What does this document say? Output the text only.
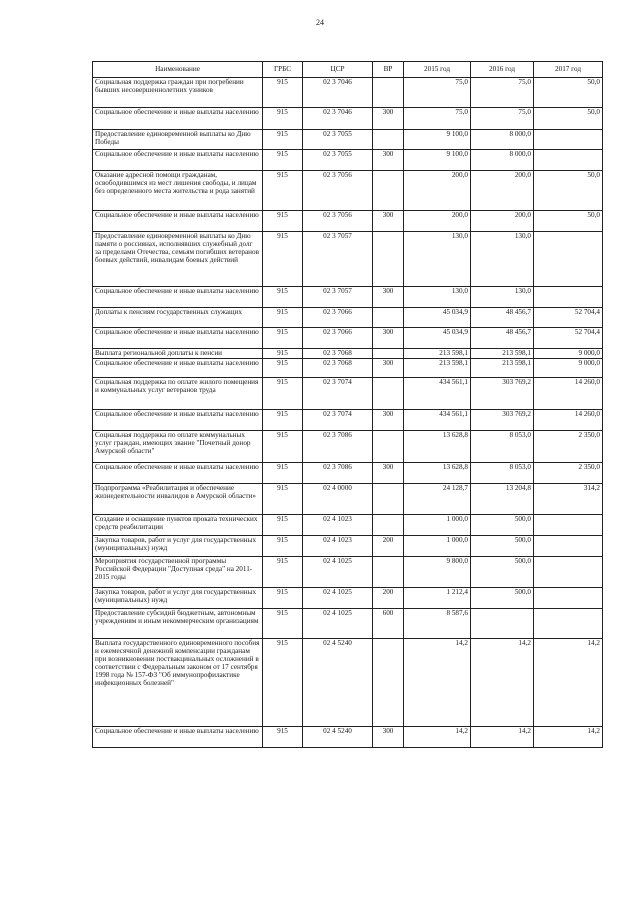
24
Наименование	ГРБС	ЦСР	ВР	2015 год	2016 год	2017 год
Социальная поддержка граждан при погребении бывших несовершеннолетних узников	915	02 3 7046		75,0	75,0	50,0
Социальное обеспечение и иные выплаты населению	915	02 3 7046	300	75,0	75,0	50,0
Предоставление единовременной выплаты ко Дню Победы	915	02 3 7055		9 100,0	8 000,0	
Социальное обеспечение и иные выплаты населению	915	02 3 7055	300	9 100,0	8 000,0	
Оказание адресной помощи гражданам, освободившимся из мест лишения свободы, и лицам без определенного места жительства и рода занятий	915	02 3 7056		200,0	200,0	50,0
Социальное обеспечение и иные выплаты населению	915	02 3 7056	300	200,0	200,0	50,0
Предоставление единовременной выплаты ко Дню памяти о россиянах, исполнявших служебный долг за пределами Отечества, семьям погибших ветеранов боевых действий, инвалидам боевых действий	915	02 3 7057		130,0	130,0	
Социальное обеспечение и иные выплаты населению	915	02 3 7057	300	130,0	130,0	
Доплаты к пенсиям государственных служащих	915	02 3 7066		45 034,9	48 456,7	52 704,4
Социальное обеспечение и иные выплаты населению	915	02 3 7066	300	45 034,9	48 456,7	52 704,4
Выплата региональной доплаты к пенсии	915	02 3 7068		213 598,1	213 598,1	9 000,0
Социальное обеспечение и иные выплаты населению	915	02 3 7068	300	213 598,1	213 598,1	9 000,0
Социальная поддержка по оплате жилого помещения и коммунальных услуг ветеранов труда	915	02 3 7074		434 561,1	303 769,2	14 260,0
Социальное обеспечение и иные выплаты населению	915	02 3 7074	300	434 561,1	303 769,2	14 260,0
Социальная поддержка по оплате коммунальных услуг граждан, имеющих звание "Почетный донор Амурской области"	915	02 3 7086		13 628,8	8 053,0	2 350,0
Социальное обеспечение и иные выплаты населению	915	02 3 7086	300	13 628,8	8 053,0	2 350,0
Подпрограмма «Реабилитация и обеспечение жизнедеятельности инвалидов в Амурской области»	915	02 4 0000		24 128,7	13 204,8	314,2
Создание и оснащение пунктов проката технических средств реабилитации	915	02 4 1023		1 000,0	500,0	
Закупка товаров, работ и услуг для государственных (муниципальных) нужд	915	02 4 1023	200	1 000,0	500,0	
Мероприятия государственной программы Российской Федерации "Доступная среда" на 2011-2015 годы	915	02 4 1025		9 800,0	500,0	
Закупка товаров, работ и услуг для государственных (муниципальных) нужд	915	02 4 1025	200	1 212,4	500,0	
Предоставление субсидий бюджетным, автономным учреждениям и иным некоммерческим организациям	915	02 4 1025	600	8 587,6		
Выплата государственного единовременного пособия и ежемесячной денежной компенсации гражданам при возникновении поствакцинальных осложнений в соответствии с Федеральным законом от 17 сентября 1998 года № 157-ФЗ "Об иммунопрофилактике инфекционных болезней"	915	02 4 5240		14,2	14,2	14,2
Социальное обеспечение и иные выплаты населению	915	02 4 5240	300	14,2	14,2	14,2
